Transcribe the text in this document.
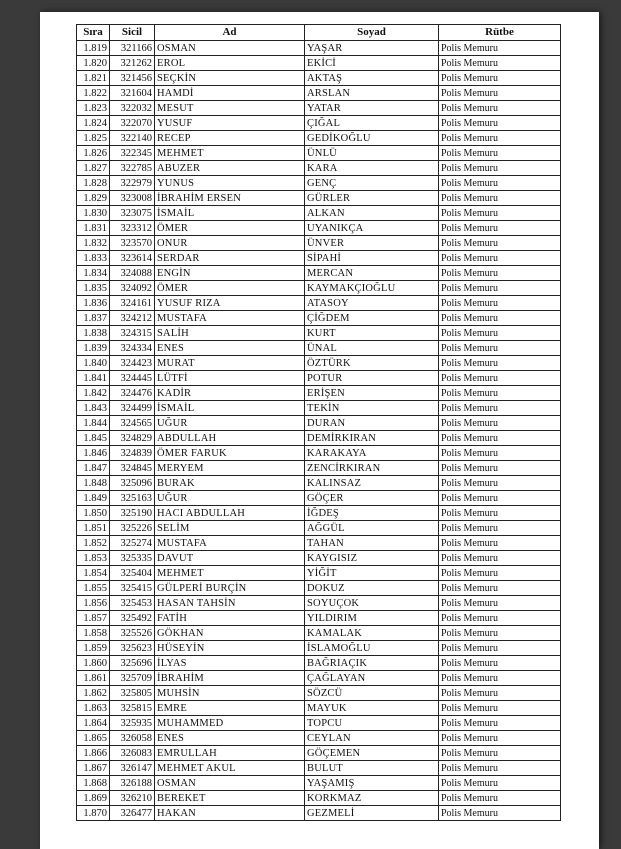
Sıra	Sicil	Ad	Soyad	Rütbe
1.819	321166	OSMAN	YAŞAR	Polis Memuru
1.820	321262	EROL	EKİCİ	Polis Memuru
1.821	321456	SEÇKİN	AKTAŞ	Polis Memuru
1.822	321604	HAMDİ	ARSLAN	Polis Memuru
1.823	322032	MESUT	YATAR	Polis Memuru
1.824	322070	YUSUF	ÇIĞAL	Polis Memuru
1.825	322140	RECEP	GEDİKOĞLU	Polis Memuru
1.826	322345	MEHMET	ÜNLÜ	Polis Memuru
1.827	322785	ABUZER	KARA	Polis Memuru
1.828	322979	YUNUS	GENÇ	Polis Memuru
1.829	323008	İBRAHİM ERSEN	GÜRLER	Polis Memuru
1.830	323075	İSMAİL	ALKAN	Polis Memuru
1.831	323312	ÖMER	UYANIKÇA	Polis Memuru
1.832	323570	ONUR	ÜNVER	Polis Memuru
1.833	323614	SERDAR	SİPAHİ	Polis Memuru
1.834	324088	ENGİN	MERCAN	Polis Memuru
1.835	324092	ÖMER	KAYMAKÇIOĞLU	Polis Memuru
1.836	324161	YUSUF RIZA	ATASOY	Polis Memuru
1.837	324212	MUSTAFA	ÇİĞDEM	Polis Memuru
1.838	324315	SALİH	KURT	Polis Memuru
1.839	324334	ENES	ÜNAL	Polis Memuru
1.840	324423	MURAT	ÖZTÜRK	Polis Memuru
1.841	324445	LÜTFİ	POTUR	Polis Memuru
1.842	324476	KADİR	ERİŞEN	Polis Memuru
1.843	324499	İSMAİL	TEKİN	Polis Memuru
1.844	324565	UĞUR	DURAN	Polis Memuru
1.845	324829	ABDULLAH	DEMİRKIRAN	Polis Memuru
1.846	324839	ÖMER FARUK	KARAKAYA	Polis Memuru
1.847	324845	MERYEM	ZENCİRKIRAN	Polis Memuru
1.848	325096	BURAK	KALINSAZ	Polis Memuru
1.849	325163	UĞUR	GÖÇER	Polis Memuru
1.850	325190	HACI ABDULLAH	İĞDEŞ	Polis Memuru
1.851	325226	SELİM	AĞGÜL	Polis Memuru
1.852	325274	MUSTAFA	TAHAN	Polis Memuru
1.853	325335	DAVUT	KAYGISIZ	Polis Memuru
1.854	325404	MEHMET	YİĞİT	Polis Memuru
1.855	325415	GÜLPERİ BURÇİN	DOKUZ	Polis Memuru
1.856	325453	HASAN TAHSİN	SOYUÇOK	Polis Memuru
1.857	325492	FATİH	YILDIRIM	Polis Memuru
1.858	325526	GÖKHAN	KAMALAK	Polis Memuru
1.859	325623	HÜSEYİN	İSLAMOĞLU	Polis Memuru
1.860	325696	İLYAS	BAĞRIAÇIK	Polis Memuru
1.861	325709	İBRAHİM	ÇAĞLAYAN	Polis Memuru
1.862	325805	MUHSİN	SÖZCÜ	Polis Memuru
1.863	325815	EMRE	MAYUK	Polis Memuru
1.864	325935	MUHAMMED	TOPCU	Polis Memuru
1.865	326058	ENES	CEYLAN	Polis Memuru
1.866	326083	EMRULLAH	GÖÇEMEN	Polis Memuru
1.867	326147	MEHMET AKUL	BULUT	Polis Memuru
1.868	326188	OSMAN	YAŞAMIŞ	Polis Memuru
1.869	326210	BEREKET	KORKMAZ	Polis Memuru
1.870	326477	HAKAN	GEZMELİ	Polis Memuru
